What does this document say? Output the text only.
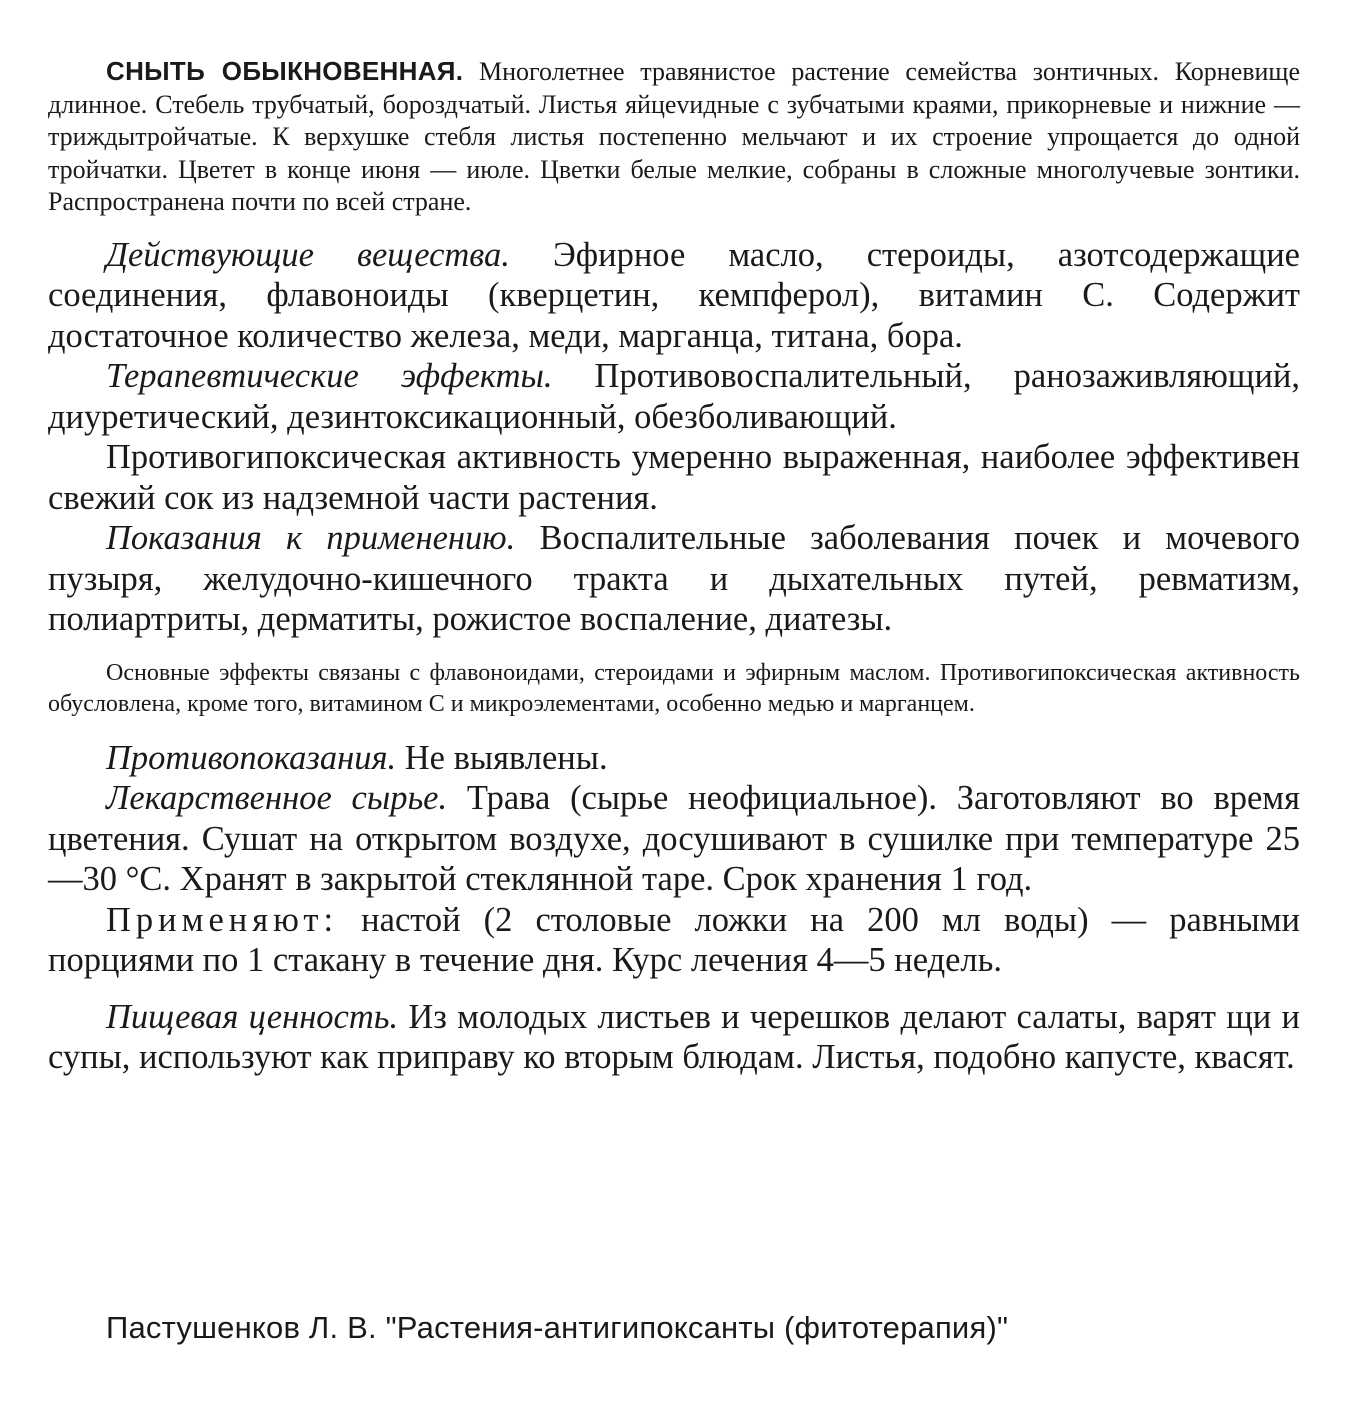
СНЫТЬ ОБЫКНОВЕННАЯ. Многолетнее травянистое растение семейства зонтичных. Корневище длинное. Стебель трубчатый, бороздчатый. Листья яйцеvидные с зубчатыми краями, прикорневые и нижние — триждытройчатые. К верхушке стебля листья постепенно мельчают и их строение упрощается до одной тройчатки. Цветет в конце июня — июле. Цветки белые мелкие, собраны в сложные многолучевые зонтики. Распространена почти по всей стране.

Действующие вещества. Эфирное масло, стероиды, азотсодержащие соединения, флавоноиды (кверцетин, кемпферол), витамин С. Содержит достаточное количество железа, меди, марганца, титана, бора.

Терапевтические эффекты. Противовоспалительный, ранозаживляющий, диуретический, дезинтоксикационный, обезболивающий.

Противогипоксическая активность умеренно выраженная, наиболее эффективен свежий сок из надземной части растения.

Показания к применению. Воспалительные заболевания почек и мочевого пузыря, желудочно-кишечного тракта и дыхательных путей, ревматизм, полиартриты, дерматиты, рожистое воспаление, диатезы.

Основные эффекты связаны с флавоноидами, стероидами и эфирным маслом. Противогипоксическая активность обусловлена, кроме того, витамином С и микроэлементами, особенно медью и марганцем.

Противопоказания. Не выявлены.

Лекарственное сырье. Трава (сырье неофициальное). Заготовляют во время цветения. Сушат на открытом воздухе, досушивают в сушилке при температуре 25—30 °С. Хранят в закрытой стеклянной таре. Срок хранения 1 год.

Применяют: настой (2 столовые ложки на 200 мл воды) — равными порциями по 1 стакану в течение дня. Курс лечения 4—5 недель.

Пищевая ценность. Из молодых листьев и черешков делают салаты, варят щи и супы, используют как приправу ко вторым блюдам. Листья, подобно капусте, квасят.

Пастушенков Л. В. "Растения-антигипоксанты (фитотерапия)"
